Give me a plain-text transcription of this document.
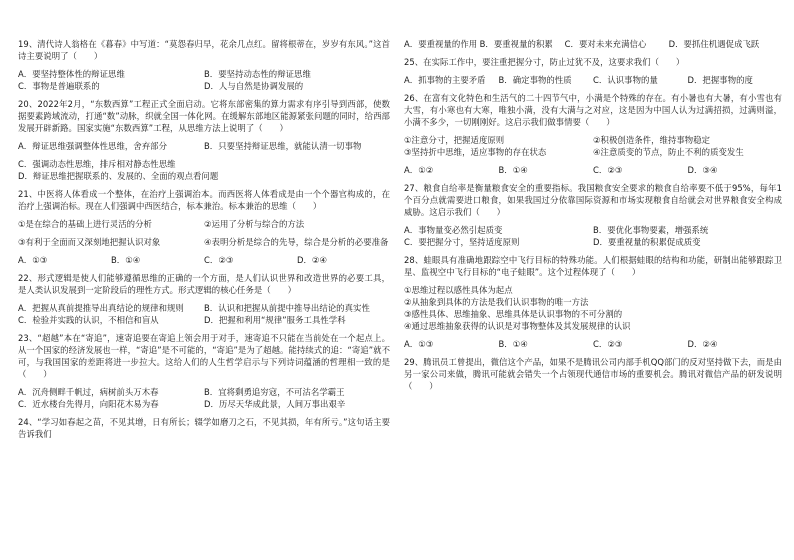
19、清代诗人翁格在《暮春》中写道：“莫怨春归早，花余几点红。留将根蒂在，岁岁有东风。”这首诗主要说明了（　　）

A．要坚持整体性的辩证思维	B．要坚持动态性的辩证思维
C．事物是普遍联系的	D．人与自然是协调发展的

20、2022年2月，“东数西算”工程正式全面启动。它将东部密集的算力需求有序引导到西部，使数据要素跨域流动，打通“数”动脉，织就全国一体化网。在缓解东部地区能源紧张问题的同时，给西部发展开辟新路。国家实施“东数西算”工程，从思维方法上说明了（　　）

A．辩证思维强调整体性思维，舍弃部分	B．只要坚持辩证思维，就能认清一切事物
C．强调动态性思维，排斥相对静态性思维
D．辩证思维把握联系的、发展的、全面的观点看问题

21、中医将人体看成一个整体，在治疗上强调治本。而西医将人体看成是由一个个器官构成的，在治疗上强调治标。现在人们强调中西医结合，标本兼治。标本兼治的思维（　　）

①是在综合的基础上进行灵活的分析	②运用了分析与综合的方法
③有利于全面而又深刻地把握认识对象	④表明分析是综合的先导，综合是分析的必要准备
A．①③	B．①④	C．②③	D．②④

22、形式逻辑是使人们能够遵循思维的正确的一个方面，是人们认识世界和改造世界的必要工具，是人类认识发展到一定阶段后的理性方式。形式逻辑的核心任务是（　　）

A．把握从真前提推导出真结论的规律和规则	B．认识和把握从前提中推导出结论的真实性
C．检验并实践的认识，不相信和盲从	D．把握和利用“规律”服务工具性学科

23、“超越”本在“寄追”，速寄追要在寄追上领会用于对手，速寄追不只能在当前处在一个起点上。从一个国家的经济发展也一样，“寄追”是不可能的，“寄追”是为了超越。能持续式的追：“寄追”就不可，与我国国家的差距将进一步拉大。这给人们的人生哲学启示与下列诗词蕴涵的哲理相一致的是（　　）

A．沉舟侧畔千帆过，病树前头万木春	B．宜将剩勇追穷寇，不可沽名学霸王
C．近水楼台先得月，向阳花木易为春	D．历尽天华成此景，人间万事出艰辛

24、“学习如春起之苗，不见其增，日有所长；辍学如磨刀之石，不见其损，年有所亏。”这句话主要告诉我们

A．要重视量的作用 B．要重视量的积累	C．要对未来充满信心	D．要抓住机遇促成飞跃

25、在实际工作中，要注重把握分寸，防止过犹不及，这要求我们（　　）

A．抓事物的主要矛盾	B．确定事物的性质	C．认识事物的量	D．把握事物的度

26、在富有文化特色和生活气的二十四节气中，小满是个特殊的存在。有小暑也有大暑，有小雪也有大雪，有小寒也有大寒，唯独小满，没有大满与之对应，这是因为中国人认为过满招损，过满则溢，小满不多少，一切刚刚好。这启示我们做事情要（　　）

①注意分寸，把握适度原则	②积极创造条件，维持事物稳定
③坚持折中思维，适应事物的存在状态	④注意质变的节点，防止不利的质变发生
A．①②	B．①④	C．②③	D．③④

27、粮食自给率是衡量粮食安全的重要指标。我国粮食安全要求的粮食自给率要不低于95%，每年1个百分点就需要进口粮食，如果我国过分依靠国际资源和市场实现粮食自给就会对世界粮食安全构成威胁。这启示我们（　　）

A．事物量变必然引起质变	B．要优化事物要素，增强系统
C．要把握分寸，坚持适度原则	D．要重视量的积累促成质变

28、蛙眼具有准确地跟踪空中飞行目标的特殊功能。人们根据蛙眼的结构和功能，研制出能够跟踪卫星、监视空中飞行目标的“电子蛙眼”。这个过程体现了（　　）

①思维过程以感性具体为起点
②从抽象到具体的方法是我们认识事物的唯一方法
③感性具体、思维抽象、思维具体是认识事物的不可分割的
④通过思维抽象获得的认识是对事物整体及其发展规律的认识
A．①③	B．①④	C．②③	D．②④

29、腾讯员工曾提出，微信这个产品，如果不是腾讯公司内部手机QQ部门的反对坚持做下去，而是由另一家公司来做，腾讯可能就会错失一个占领现代通信市场的重要机会。腾讯对微信产品的研发说明（　　）
